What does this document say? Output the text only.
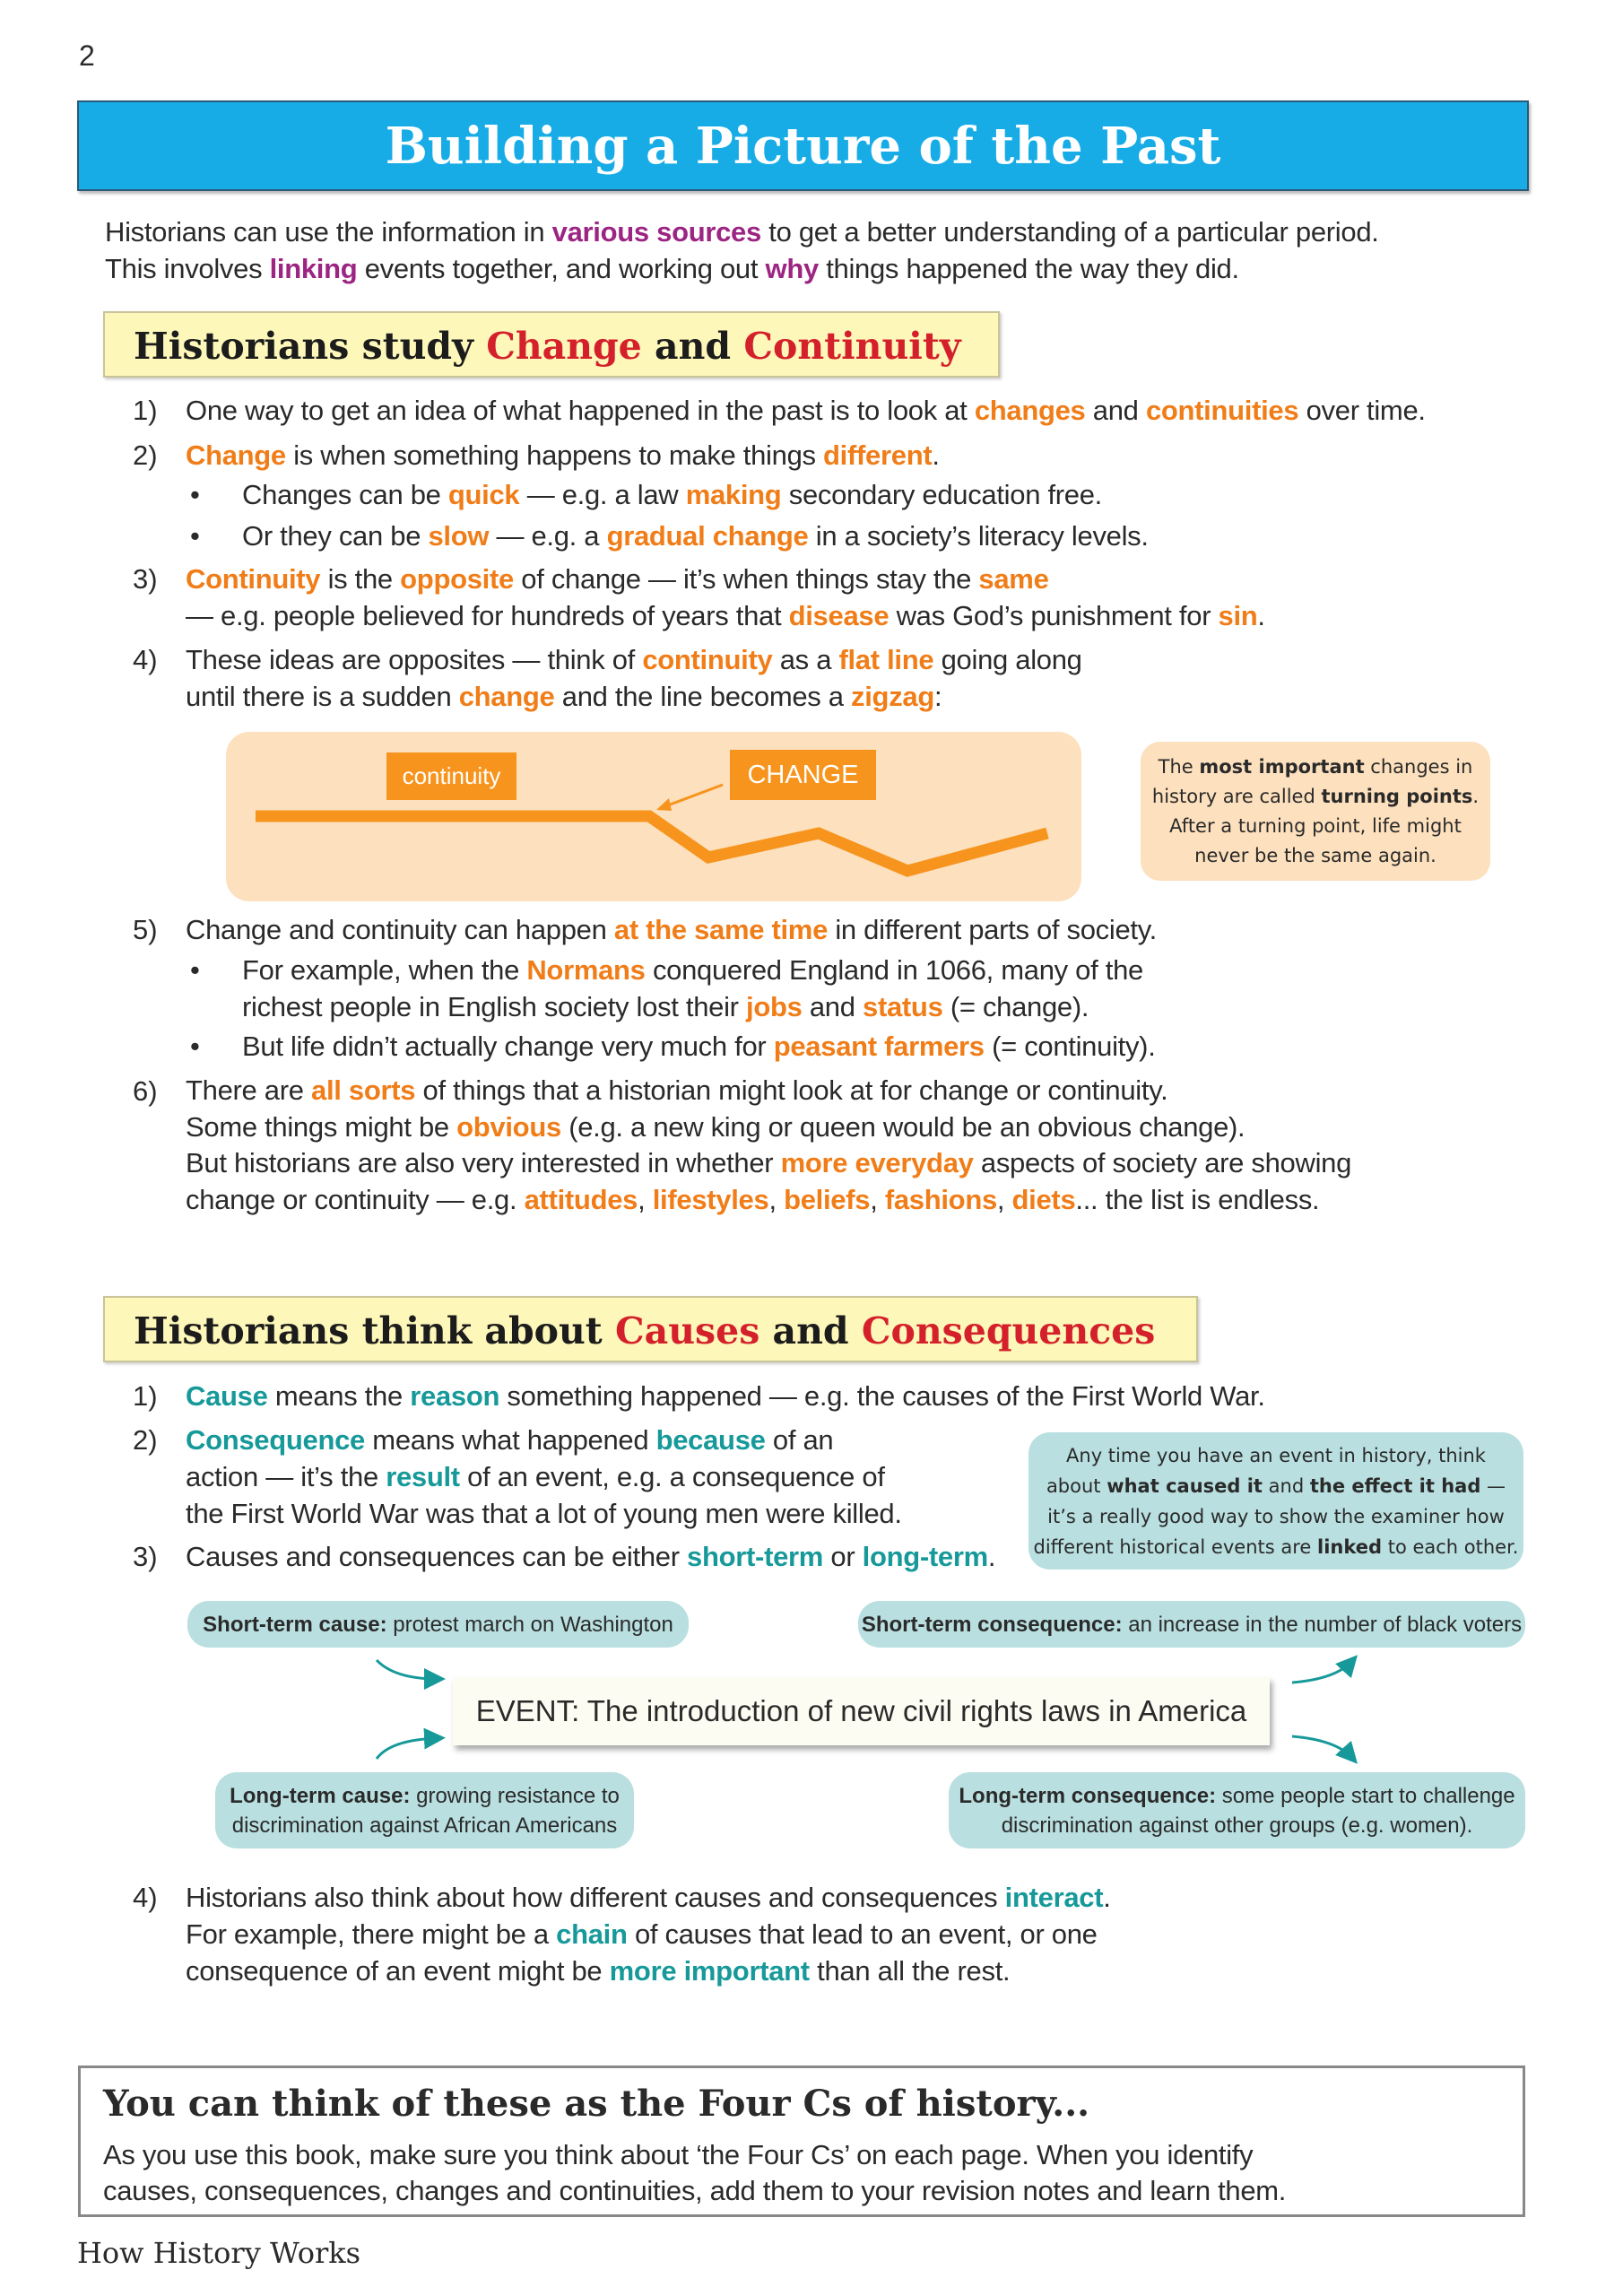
2
Building a Picture of the Past
Historians can use the information in various sources to get a better understanding of a particular period.
This involves linking events together, and working out why things happened the way they did.
Historians study Change and Continuity
1) One way to get an idea of what happened in the past is to look at changes and continuities over time.
2) Change is when something happens to make things different.
• Changes can be quick — e.g. a law making secondary education free.
• Or they can be slow — e.g. a gradual change in a society’s literacy levels.
3) Continuity is the opposite of change — it’s when things stay the same
— e.g. people believed for hundreds of years that disease was God’s punishment for sin.
4) These ideas are opposites — think of continuity as a flat line going along
until there is a sudden change and the line becomes a zigzag:
continuity	CHANGE	The most important changes in
history are called turning points.
After a turning point, life might
never be the same again.
5) Change and continuity can happen at the same time in different parts of society.
• For example, when the Normans conquered England in 1066, many of the
richest people in English society lost their jobs and status (= change).
• But life didn’t actually change very much for peasant farmers (= continuity).
6) There are all sorts of things that a historian might look at for change or continuity.
Some things might be obvious (e.g. a new king or queen would be an obvious change).
But historians are also very interested in whether more everyday aspects of society are showing
change or continuity — e.g. attitudes, lifestyles, beliefs, fashions, diets... the list is endless.
Historians think about Causes and Consequences
1) Cause means the reason something happened — e.g. the causes of the First World War.
2) Consequence means what happened because of an
action — it’s the result of an event, e.g. a consequence of
the First World War was that a lot of young men were killed.
3) Causes and consequences can be either short-term or long-term.
Any time you have an event in history, think
about what caused it and the effect it had —
it’s a really good way to show the examiner how
different historical events are linked to each other.
Short-term cause: protest march on Washington	Short-term consequence: an increase in the number of black voters
EVENT: The introduction of new civil rights laws in America
Long-term cause: growing resistance to
discrimination against African Americans
Long-term consequence: some people start to challenge
discrimination against other groups (e.g. women).
4) Historians also think about how different causes and consequences interact.
For example, there might be a chain of causes that lead to an event, or one
consequence of an event might be more important than all the rest.
You can think of these as the Four Cs of history...
As you use this book, make sure you think about ‘the Four Cs’ on each page. When you identify
causes, consequences, changes and continuities, add them to your revision notes and learn them.
How History Works
